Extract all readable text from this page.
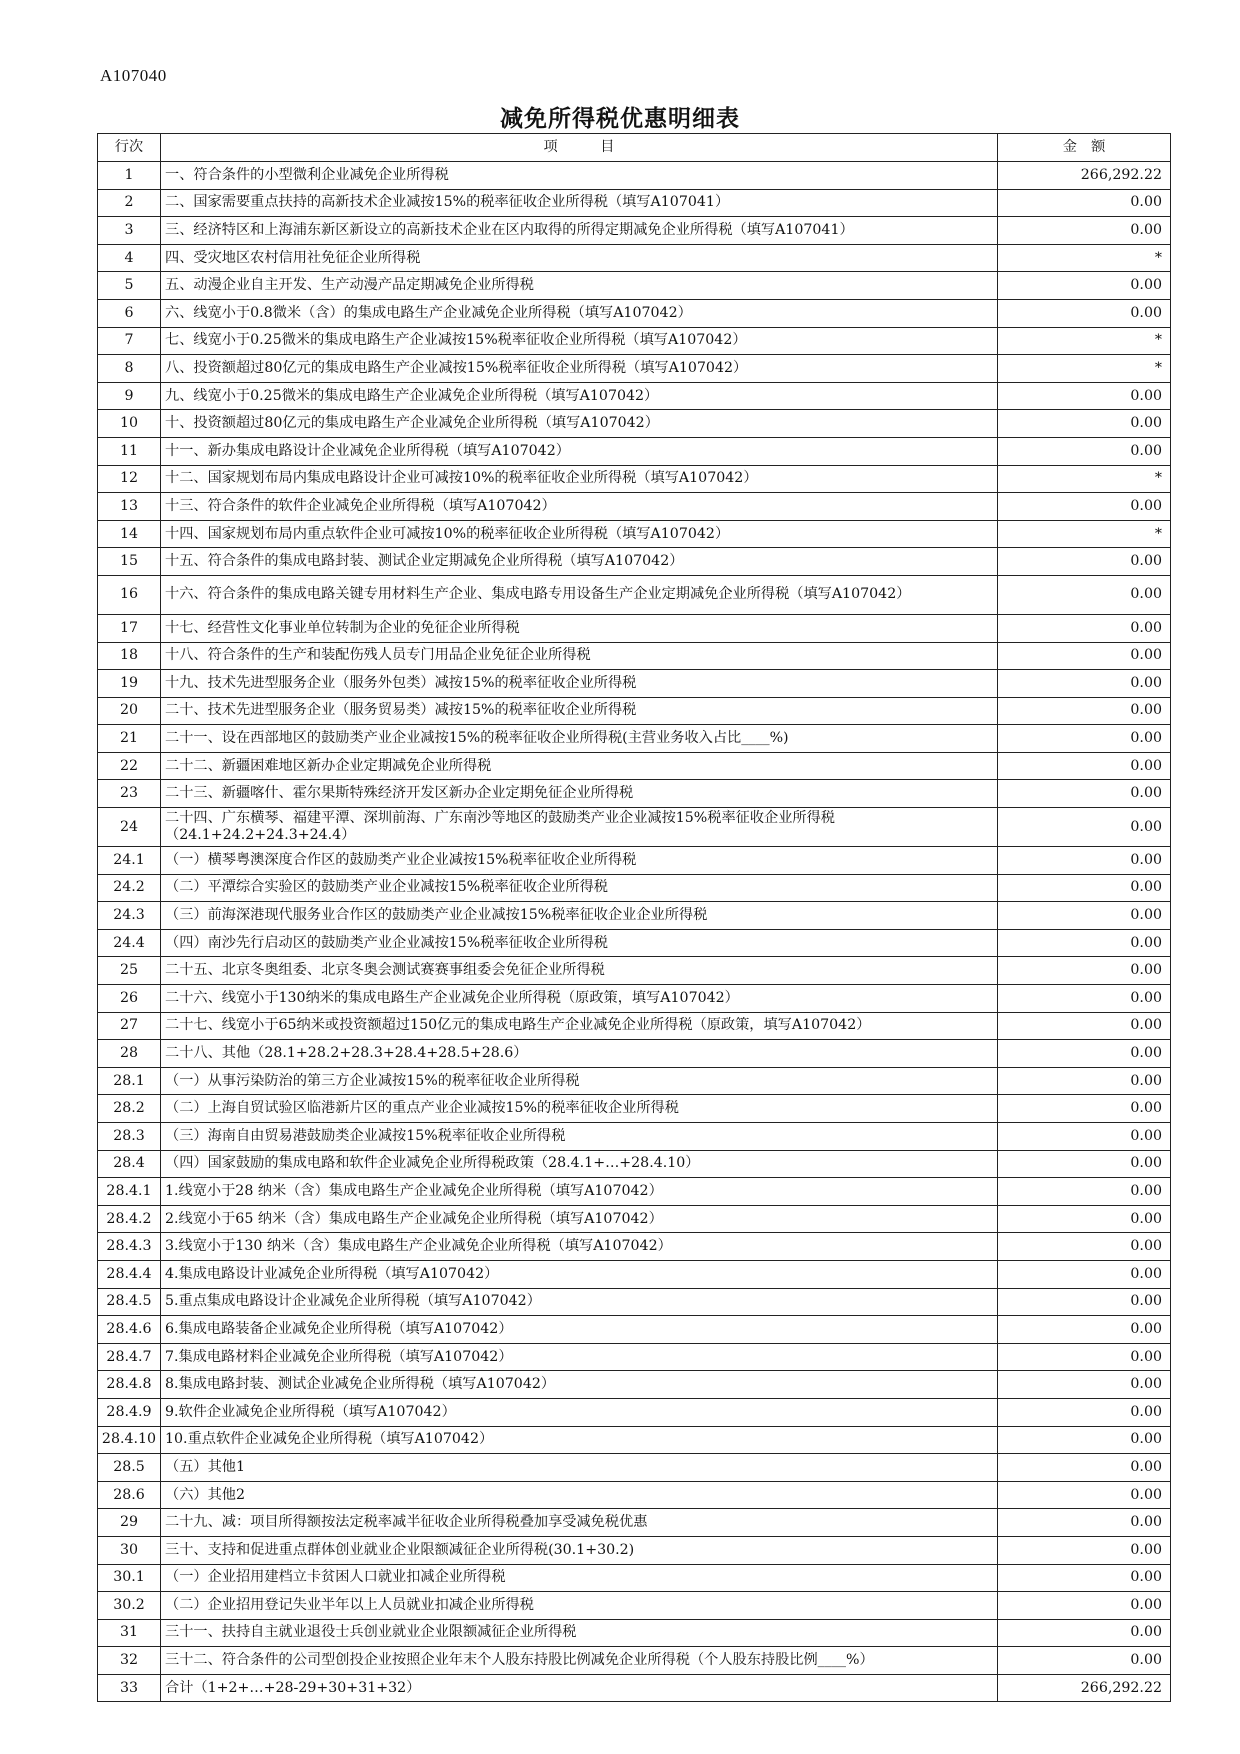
A107040
减免所得税优惠明细表
行次	项　　　目	金　额
1	一、符合条件的小型微利企业减免企业所得税	266,292.22
2	二、国家需要重点扶持的高新技术企业减按15%的税率征收企业所得税（填写A107041）	0.00
3	三、经济特区和上海浦东新区新设立的高新技术企业在区内取得的所得定期减免企业所得税（填写A107041）	0.00
4	四、受灾地区农村信用社免征企业所得税	*
5	五、动漫企业自主开发、生产动漫产品定期减免企业所得税	0.00
6	六、线宽小于0.8微米（含）的集成电路生产企业减免企业所得税（填写A107042）	0.00
7	七、线宽小于0.25微米的集成电路生产企业减按15%税率征收企业所得税（填写A107042）	*
8	八、投资额超过80亿元的集成电路生产企业减按15%税率征收企业所得税（填写A107042）	*
9	九、线宽小于0.25微米的集成电路生产企业减免企业所得税（填写A107042）	0.00
10	十、投资额超过80亿元的集成电路生产企业减免企业所得税（填写A107042）	0.00
11	十一、新办集成电路设计企业减免企业所得税（填写A107042）	0.00
12	十二、国家规划布局内集成电路设计企业可减按10%的税率征收企业所得税（填写A107042）	*
13	十三、符合条件的软件企业减免企业所得税（填写A107042）	0.00
14	十四、国家规划布局内重点软件企业可减按10%的税率征收企业所得税（填写A107042）	*
15	十五、符合条件的集成电路封装、测试企业定期减免企业所得税（填写A107042）	0.00
16	十六、符合条件的集成电路关键专用材料生产企业、集成电路专用设备生产企业定期减免企业所得税（填写A107042）	0.00
17	十七、经营性文化事业单位转制为企业的免征企业所得税	0.00
18	十八、符合条件的生产和装配伤残人员专门用品企业免征企业所得税	0.00
19	十九、技术先进型服务企业（服务外包类）减按15%的税率征收企业所得税	0.00
20	二十、技术先进型服务企业（服务贸易类）减按15%的税率征收企业所得税	0.00
21	二十一、设在西部地区的鼓励类产业企业减按15%的税率征收企业所得税(主营业务收入占比____%)	0.00
22	二十二、新疆困难地区新办企业定期减免企业所得税	0.00
23	二十三、新疆喀什、霍尔果斯特殊经济开发区新办企业定期免征企业所得税	0.00
24	二十四、广东横琴、福建平潭、深圳前海、广东南沙等地区的鼓励类产业企业减按15%税率征收企业所得税（24.1+24.2+24.3+24.4）	0.00
24.1	（一）横琴粤澳深度合作区的鼓励类产业企业减按15%税率征收企业所得税	0.00
24.2	（二）平潭综合实验区的鼓励类产业企业减按15%税率征收企业所得税	0.00
24.3	（三）前海深港现代服务业合作区的鼓励类产业企业减按15%税率征收企业企业所得税	0.00
24.4	（四）南沙先行启动区的鼓励类产业企业减按15%税率征收企业所得税	0.00
25	二十五、北京冬奥组委、北京冬奥会测试赛赛事组委会免征企业所得税	0.00
26	二十六、线宽小于130纳米的集成电路生产企业减免企业所得税（原政策，填写A107042）	0.00
27	二十七、线宽小于65纳米或投资额超过150亿元的集成电路生产企业减免企业所得税（原政策，填写A107042）	0.00
28	二十八、其他（28.1+28.2+28.3+28.4+28.5+28.6）	0.00
28.1	（一）从事污染防治的第三方企业减按15%的税率征收企业所得税	0.00
28.2	（二）上海自贸试验区临港新片区的重点产业企业减按15%的税率征收企业所得税	0.00
28.3	（三）海南自由贸易港鼓励类企业减按15%税率征收企业所得税	0.00
28.4	（四）国家鼓励的集成电路和软件企业减免企业所得税政策（28.4.1+…+28.4.10）	0.00
28.4.1	1.线宽小于28 纳米（含）集成电路生产企业减免企业所得税（填写A107042）	0.00
28.4.2	2.线宽小于65 纳米（含）集成电路生产企业减免企业所得税（填写A107042）	0.00
28.4.3	3.线宽小于130 纳米（含）集成电路生产企业减免企业所得税（填写A107042）	0.00
28.4.4	4.集成电路设计业减免企业所得税（填写A107042）	0.00
28.4.5	5.重点集成电路设计企业减免企业所得税（填写A107042）	0.00
28.4.6	6.集成电路装备企业减免企业所得税（填写A107042）	0.00
28.4.7	7.集成电路材料企业减免企业所得税（填写A107042）	0.00
28.4.8	8.集成电路封装、测试企业减免企业所得税（填写A107042）	0.00
28.4.9	9.软件企业减免企业所得税（填写A107042）	0.00
28.4.10	10.重点软件企业减免企业所得税（填写A107042）	0.00
28.5	（五）其他1	0.00
28.6	（六）其他2	0.00
29	二十九、减：项目所得额按法定税率减半征收企业所得税叠加享受减免税优惠	0.00
30	三十、支持和促进重点群体创业就业企业限额减征企业所得税(30.1+30.2)	0.00
30.1	（一）企业招用建档立卡贫困人口就业扣减企业所得税	0.00
30.2	（二）企业招用登记失业半年以上人员就业扣减企业所得税	0.00
31	三十一、扶持自主就业退役士兵创业就业企业限额减征企业所得税	0.00
32	三十二、符合条件的公司型创投企业按照企业年末个人股东持股比例减免企业所得税（个人股东持股比例____%）	0.00
33	合计（1+2+…+28-29+30+31+32）	266,292.22
